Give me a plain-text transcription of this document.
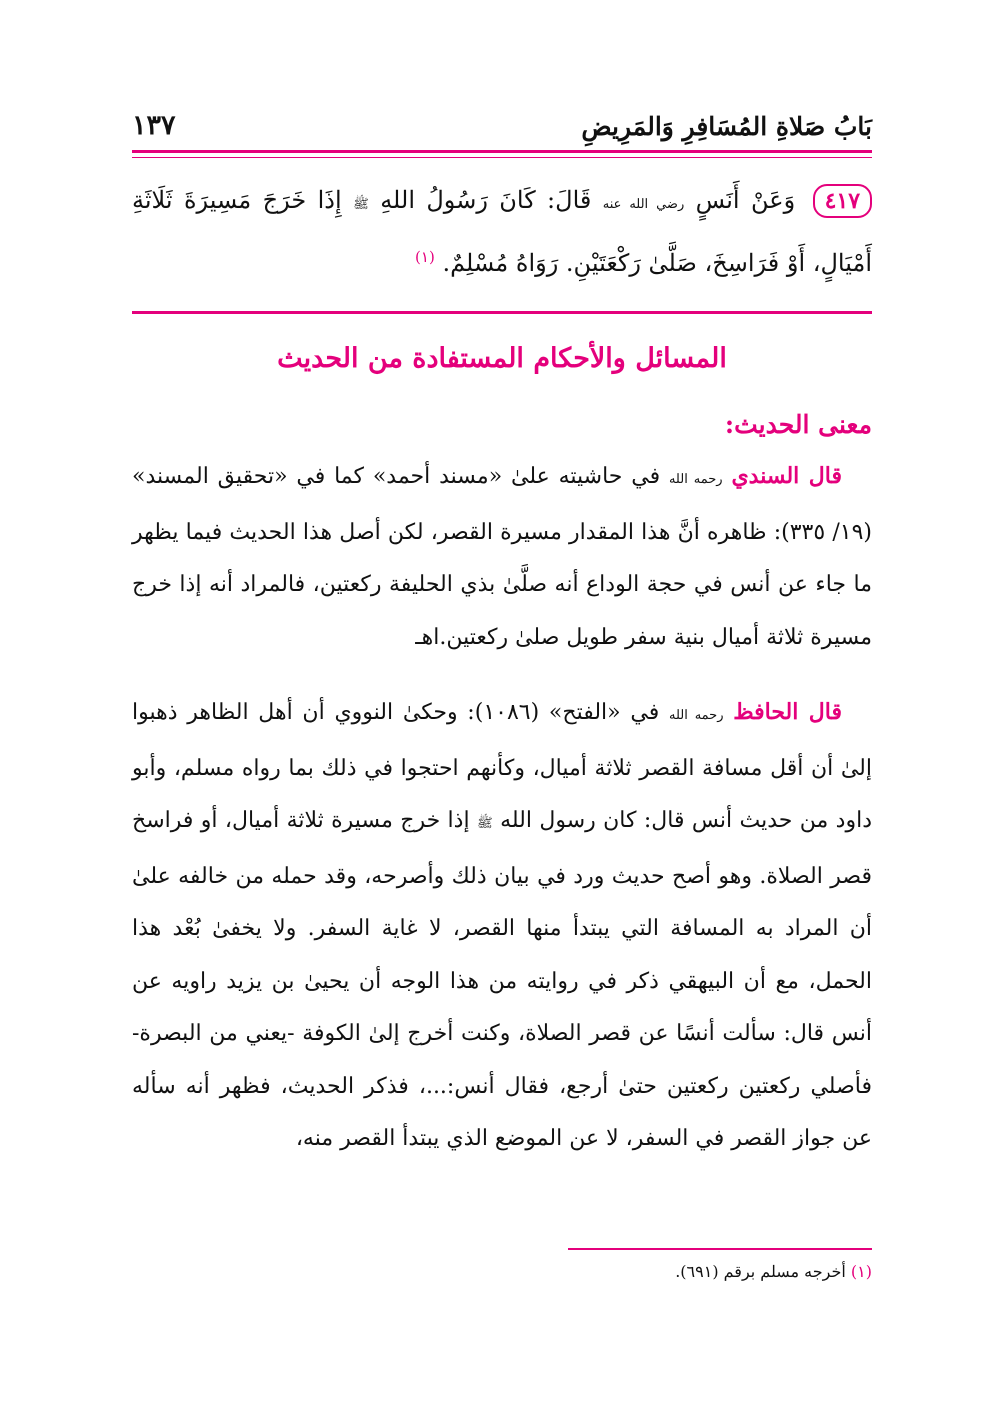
بَابُ صَلاةِ المُسَافِرِ وَالمَرِيضِ
١٣٧
٤١٧ وَعَنْ أَنَسٍ رضي الله عنه قَالَ: كَانَ رَسُولُ اللهِ ﷺ إِذَا خَرَجَ مَسِيرَةَ ثَلَاثَةِ أَمْيَالٍ، أَوْ فَرَاسِخَ، صَلَّىٰ رَكْعَتَيْنِ. رَوَاهُ مُسْلِمٌ. $^{(١)}$
المسائل والأحكام المستفادة من الحديث
معنى الحديث:

قال السندي رحمه الله في حاشيته علىٰ «مسند أحمد» كما في «تحقيق المسند» (١٩/ ٣٣٥): ظاهره أنَّ هذا المقدار مسيرة القصر، لكن أصل هذا الحديث فيما يظهر ما جاء عن أنس في حجة الوداع أنه صلَّىٰ بذي الحليفة ركعتين، فالمراد أنه إذا خرج مسيرة ثلاثة أميال بنية سفر طويل صلىٰ ركعتين.اهـ

قال الحافظ رحمه الله في «الفتح» (١٠٨٦): وحكىٰ النووي أن أهل الظاهر ذهبوا إلىٰ أن أقل مسافة القصر ثلاثة أميال، وكأنهم احتجوا في ذلك بما رواه مسلم، وأبو داود من حديث أنس قال: كان رسول الله ﷺ إذا خرج مسيرة ثلاثة أميال، أو فراسخ قصر الصلاة. وهو أصح حديث ورد في بيان ذلك وأصرحه، وقد حمله من خالفه علىٰ أن المراد به المسافة التي يبتدأ منها القصر، لا غاية السفر. ولا يخفىٰ بُعْد هذا الحمل، مع أن البيهقي ذكر في روايته من هذا الوجه أن يحيىٰ بن يزيد راويه عن أنس قال: سألت أنسًا عن قصر الصلاة، وكنت أخرج إلىٰ الكوفة -يعني من البصرة- فأصلي ركعتين ركعتين حتىٰ أرجع، فقال أنس:...، فذكر الحديث، فظهر أنه سأله عن جواز القصر في السفر، لا عن الموضع الذي يبتدأ القصر منه،

(١) أخرجه مسلم برقم (٦٩١).
